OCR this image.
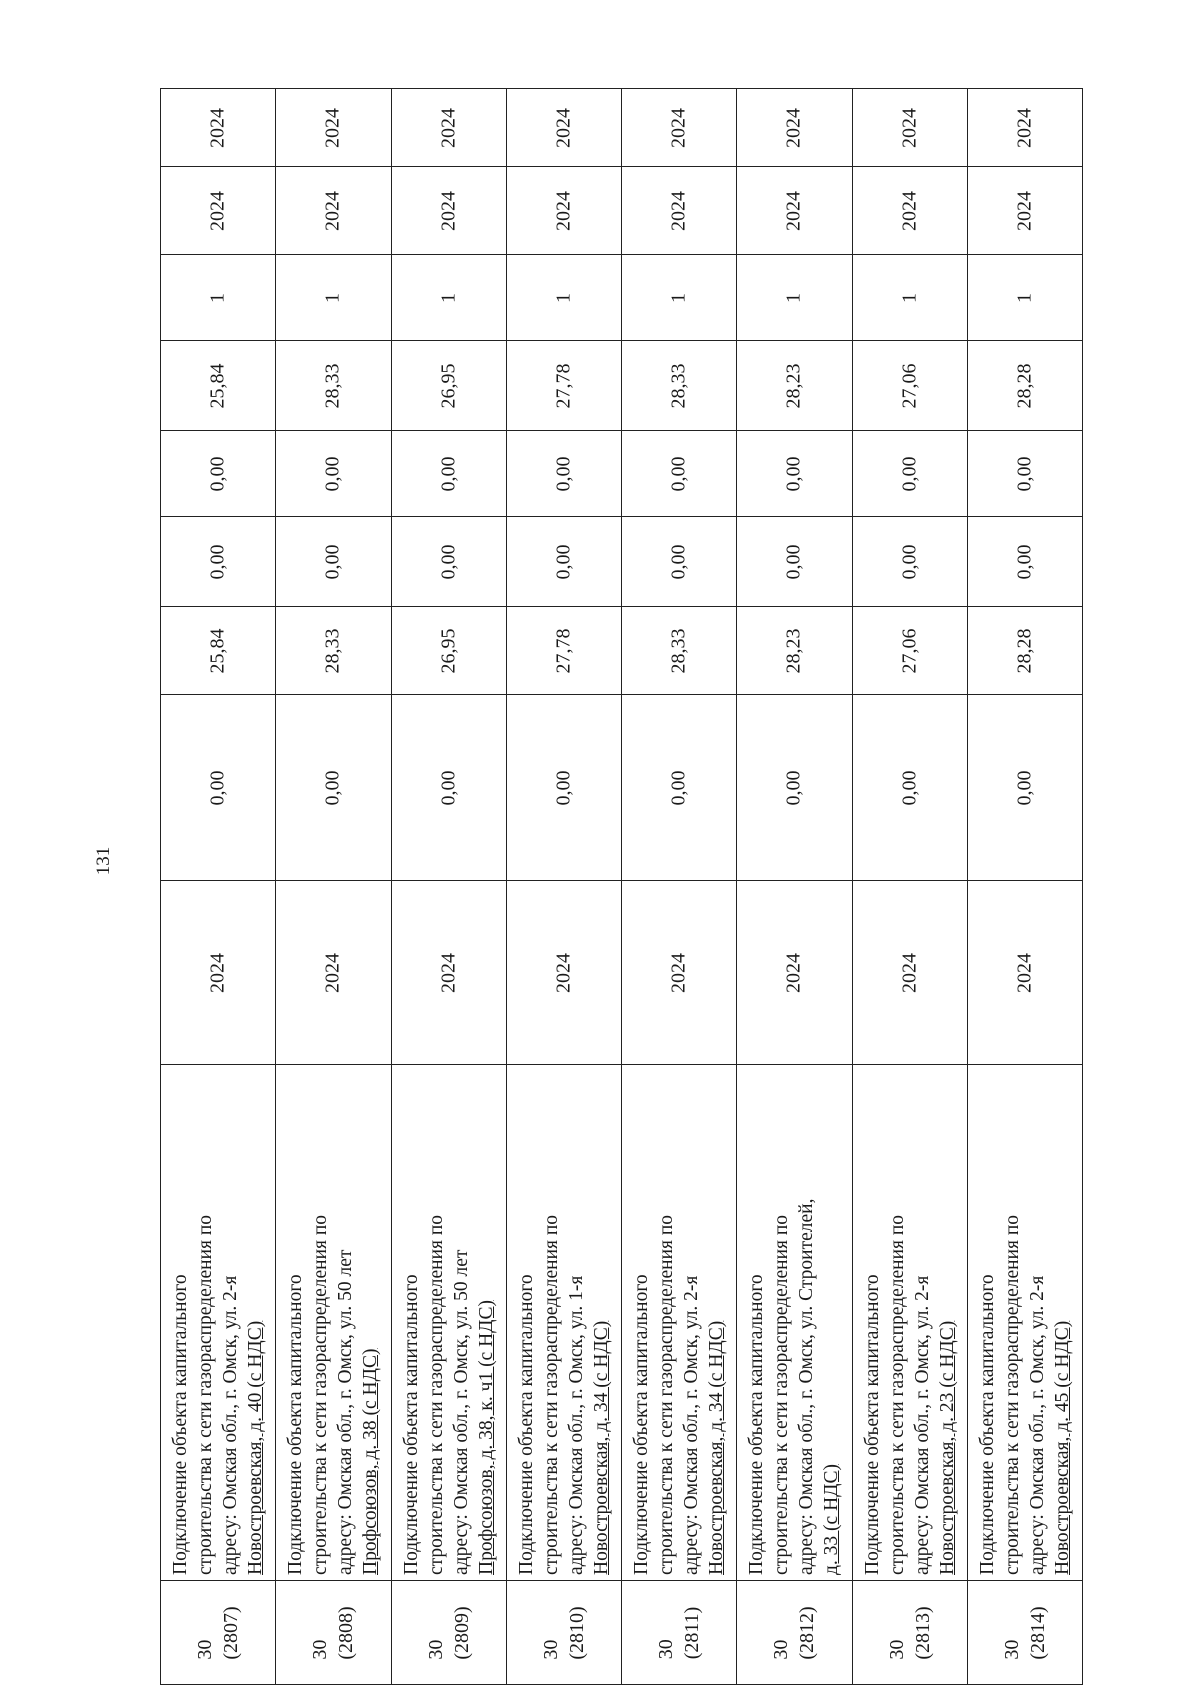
131
30 (2807)
Подключение объекта капитального строительства к сети газораспределения по адресу: Омская обл., г. Омск, ул. 2-я Новостроевская, д. 40 (с НДС)
2024
0,00
25,84
0,00
0,00
25,84
1
2024
2024
30 (2808)
Подключение объекта капитального строительства к сети газораспределения по адресу: Омская обл., г. Омск, ул. 50 лет Профсоюзов, д. 38 (с НДС)
2024
0,00
28,33
0,00
0,00
28,33
1
2024
2024
30 (2809)
Подключение объекта капитального строительства к сети газораспределения по адресу: Омская обл., г. Омск, ул. 50 лет Профсоюзов, д. 38, к. ч1 (с НДС)
2024
0,00
26,95
0,00
0,00
26,95
1
2024
2024
30 (2810)
Подключение объекта капитального строительства к сети газораспределения по адресу: Омская обл., г. Омск, ул. 1-я Новостроевская, д. 34 (с НДС)
2024
0,00
27,78
0,00
0,00
27,78
1
2024
2024
30 (2811)
Подключение объекта капитального строительства к сети газораспределения по адресу: Омская обл., г. Омск, ул. 2-я Новостроевская, д. 34 (с НДС)
2024
0,00
28,33
0,00
0,00
28,33
1
2024
2024
30 (2812)
Подключение объекта капитального строительства к сети газораспределения по адресу: Омская обл., г. Омск, ул. Строителей, д. 33 (с НДС)
2024
0,00
28,23
0,00
0,00
28,23
1
2024
2024
30 (2813)
Подключение объекта капитального строительства к сети газораспределения по адресу: Омская обл., г. Омск, ул. 2-я Новостроевская, д. 23 (с НДС)
2024
0,00
27,06
0,00
0,00
27,06
1
2024
2024
30 (2814)
Подключение объекта капитального строительства к сети газораспределения по адресу: Омская обл., г. Омск, ул. 2-я Новостроевская, д. 45 (с НДС)
2024
0,00
28,28
0,00
0,00
28,28
1
2024
2024
